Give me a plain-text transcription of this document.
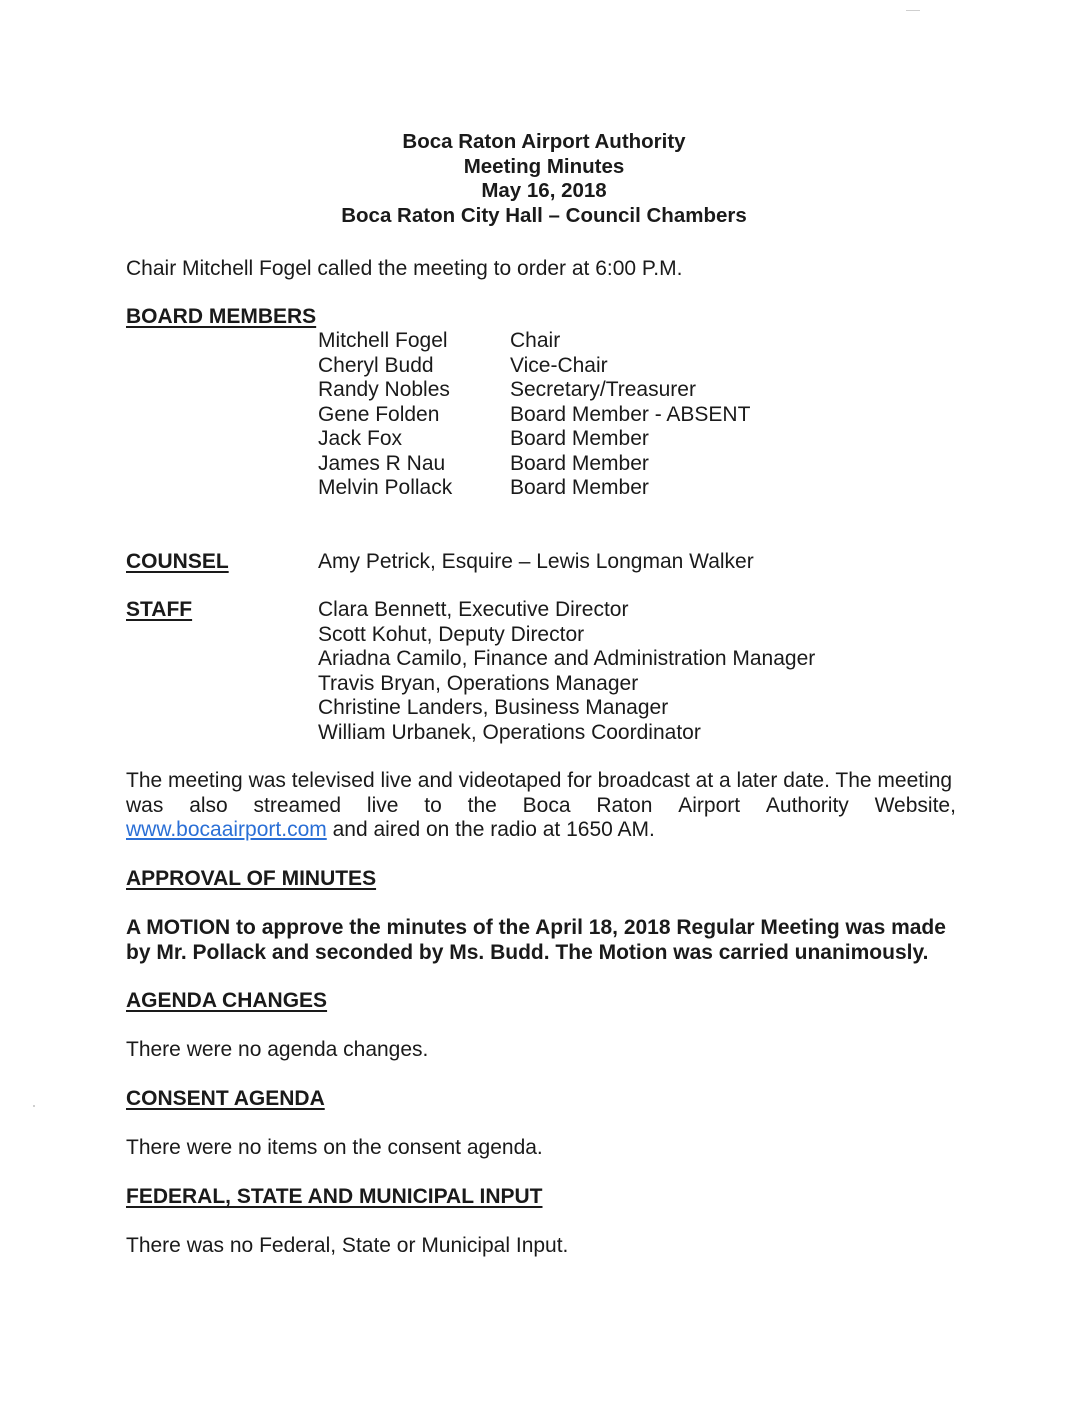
Boca Raton Airport Authority
Meeting Minutes
May 16, 2018
Boca Raton City Hall – Council Chambers
Chair Mitchell Fogel called the meeting to order at 6:00 P.M.
BOARD MEMBERS
Mitchell Fogel	Chair
Cheryl Budd	Vice-Chair
Randy Nobles	Secretary/Treasurer
Gene Folden	Board Member - ABSENT
Jack Fox	Board Member
James R Nau	Board Member
Melvin Pollack	Board Member
COUNSEL	Amy Petrick, Esquire – Lewis Longman Walker
STAFF	Clara Bennett, Executive Director
Scott Kohut, Deputy Director
Ariadna Camilo, Finance and Administration Manager
Travis Bryan, Operations Manager
Christine Landers, Business Manager
William Urbanek, Operations Coordinator
The meeting was televised live and videotaped for broadcast at a later date. The meeting
was also streamed live to the Boca Raton Airport Authority Website,
www.bocaairport.com and aired on the radio at 1650 AM.
APPROVAL OF MINUTES
A MOTION to approve the minutes of the April 18, 2018 Regular Meeting was made
by Mr. Pollack and seconded by Ms. Budd. The Motion was carried unanimously.
AGENDA CHANGES
There were no agenda changes.
CONSENT AGENDA
There were no items on the consent agenda.
FEDERAL, STATE AND MUNICIPAL INPUT
There was no Federal, State or Municipal Input.
